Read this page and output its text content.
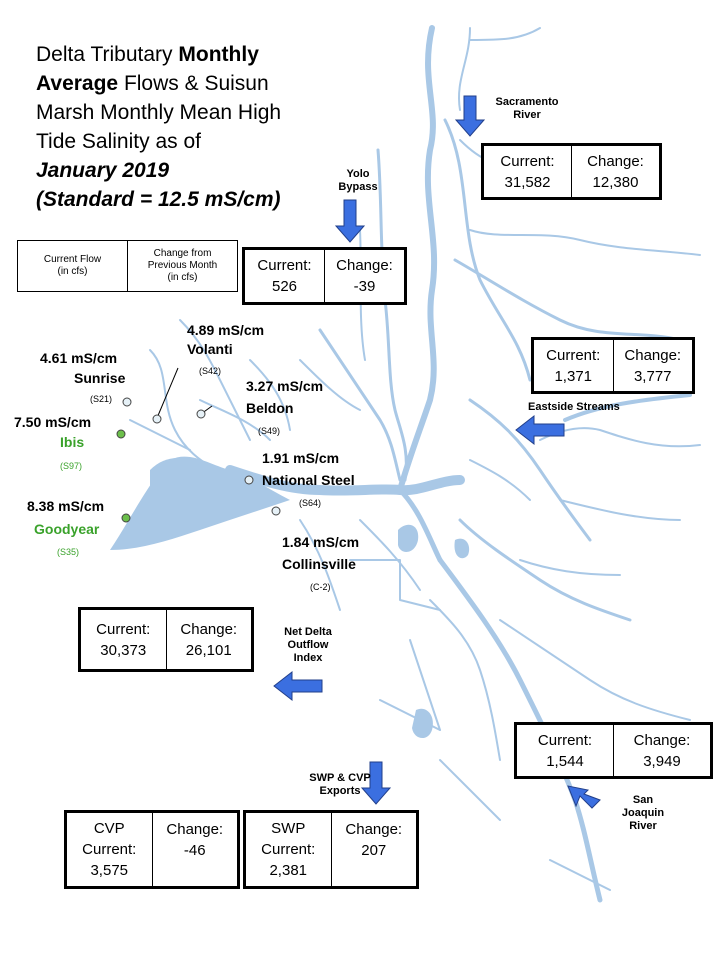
Delta Tributary Monthly
Average Flows & Suisun
Marsh Monthly Mean High
Tide Salinity as of
January 2019
(Standard = 12.5 mS/cm)
Current Flow
(in cfs)
Change from
Previous Month
(in cfs)
Sacramento
River
Current:
31,582
Change:
12,380
Yolo
Bypass
Current:
526
Change:
-39
Current:
1,371
Change:
3,777
Eastside Streams
Current:
30,373
Change:
26,101
Net Delta
Outflow
Index
Current:
1,544
Change:
3,949
San
Joaquin
River
SWP & CVP
Exports
CVP
Current:
3,575
Change:
-46
SWP
Current:
2,381
Change:
207
4.89 mS/cm
Volanti
(S42)
4.61 mS/cm
Sunrise
(S21)
3.27 mS/cm
Beldon
(S49)
7.50 mS/cm
Ibis
(S97)	1.91 mS/cm
National Steel
(S64)
8.38 mS/cm
Goodyear
(S35)
1.84 mS/cm
Collinsville
(C-2)
